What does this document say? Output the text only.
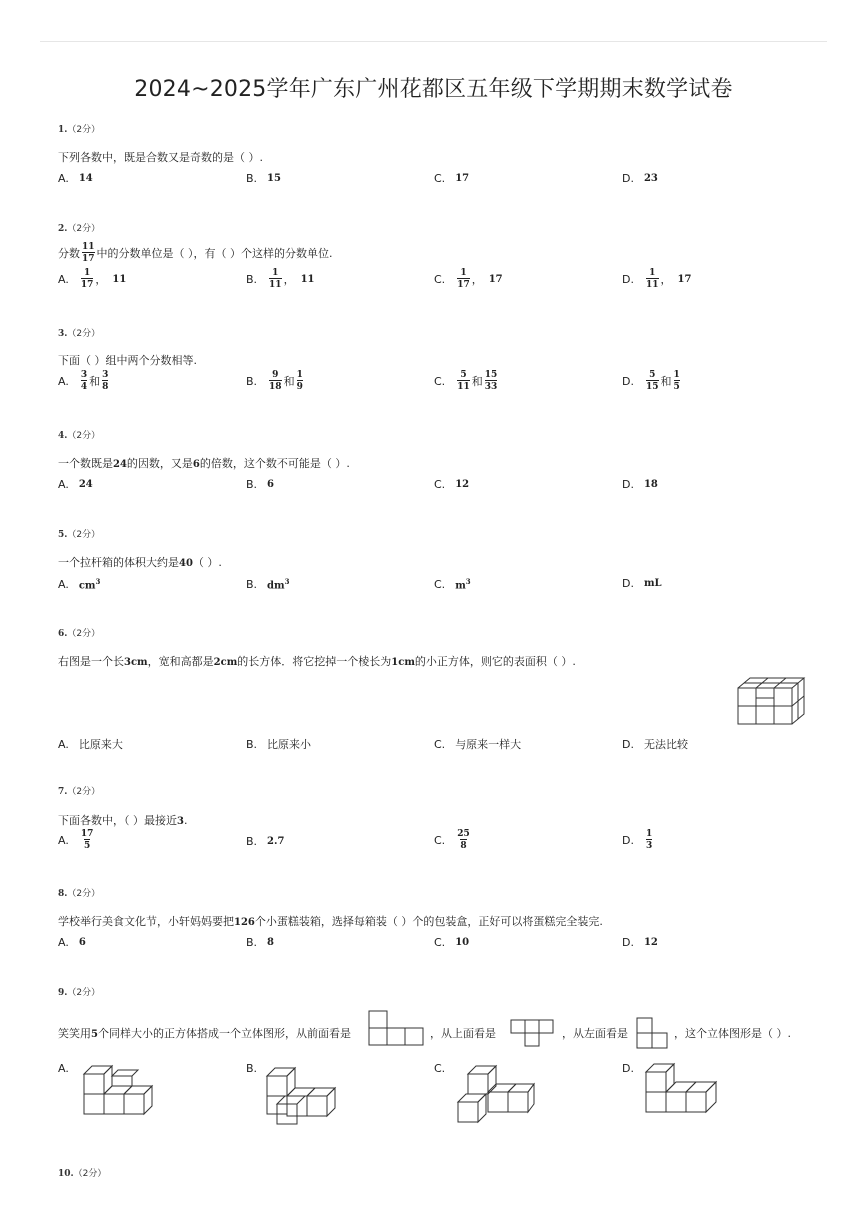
2024~2025学年广东广州花都区五年级下学期期末数学试卷
1.（2分）
下列各数中，既是合数又是奇数的是（ ）.
A. 14	B. 15	C. 17	D. 23
2.（2分）
分数 $\frac{11}{17}$ 中的分数单位是（ ），有（ ）个这样的分数单位.
A. $\frac{1}{17}$ ， 11	B. $\frac{1}{11}$ ， 11	C. $\frac{1}{17}$ ， 17	D. $\frac{1}{11}$ ， 17
3.（2分）
下面（ ）组中两个分数相等.
A. $\frac{3}{4}$ 和 $\frac{3}{8}$	B. $\frac{9}{18}$ 和 $\frac{1}{9}$	C. $\frac{5}{11}$ 和 $\frac{15}{33}$	D. $\frac{5}{15}$ 和 $\frac{1}{5}$
4.（2分）
一个数既是24的因数，又是6的倍数，这个数不可能是（ ）.
A. 24	B. 6	C. 12	D. 18
5.（2分）
一个拉杆箱的体积大约是40（ ）.
A. $cm^3$	B. $dm^3$	C. $m^3$	D. mL
6.（2分）
右图是一个长3cm，宽和高都是2cm的长方体．将它挖掉一个棱长为1cm的小正方体，则它的表面积（ ）.
A. 比原来大	B. 比原来小	C. 与原来一样大	D. 无法比较
7.（2分）
下面各数中，（ ）最接近3.
A. $\frac{17}{5}$	B. 2.7	C. $\frac{25}{8}$	D. $\frac{1}{3}$
8.（2分）
学校举行美食文化节，小轩妈妈要把126个小蛋糕装箱，选择每箱装（ ）个的包装盒，正好可以将蛋糕完全装完.
A. 6	B. 8	C. 10	D. 12
9.（2分）
笑笑用5个同样大小的正方体搭成一个立体图形，从前面看是	，从上面看是	，从左面看是	，这个立体图形是（ ）.
A.	B.	C.	D.
10.（2分）
